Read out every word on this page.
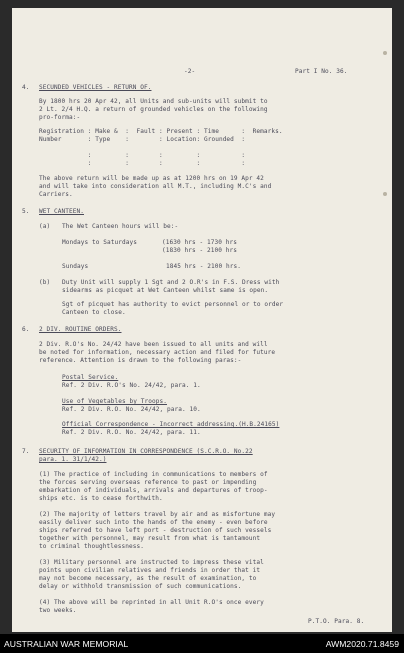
-2-	Part I No. 36.
4. SECUNDED VEHICLES - RETURN OF.
By 1800 hrs 20 Apr 42, all Units and sub-units will submit to
2 Lt. 2/4 H.Q. a return of grounded vehicles on the following
pro-forma:-
Registration : Make &  :  Fault : Present : Time      :  Remarks.
Number       : Type    :        : Location: Grounded  :
:         :        :         :           :
:         :        :         :           :
The above return will be made up as at 1200 hrs on 19 Apr 42
and will take into consideration all M.T., including M.C's and
Carriers.
5. WET CANTEEN.
(a) The Wet Canteen hours will be:-
Mondays to Saturdays	(1630 hrs - 1730 hrs
(1830 hrs - 2100 hrs
Sundays	1845 hrs - 2100 hrs.
(b) Duty Unit will supply 1 Sgt and 2 O.R's in F.S. Dress with
sidearms as picquet at Wet Canteen whilst same is open.
Sgt of picquet has authority to evict personnel or to order
Canteen to close.
6. 2 DIV. ROUTINE ORDERS.
2 Div. R.O's No. 24/42 have been issued to all units and will
be noted for information, necessary action and filed for future
reference. Attention is drawn to the following paras:-
Postal Service.
Ref. 2 Div. R.O's No. 24/42, para. 1.
Use of Vegetables by Troops.
Ref. 2 Div. R.O. No. 24/42, para. 10.
Official Correspondence - Incorrect addressing.(H.B.24165)
Ref. 2 Div. R.O. No. 24/42, para. 11.
7. SECURITY OF INFORMATION IN CORRESPONDENCE (S.C.R.O. No.22
para. 1. 31/1/42.)
(1) The practice of including in communications to members of
the forces serving overseas reference to past or impending
embarkation of individuals, arrivals and departures of troop-
ships etc. is to cease forthwith.
(2) The majority of letters travel by air and as misfortune may
easily deliver such into the hands of the enemy - even before
ships referred to have left port - destruction of such vessels
together with personnel, may result from what is tantamount
to criminal thoughtlessness.
(3) Military personnel are instructed to impress these vital
points upon civilian relatives and friends in order that it
may not become necessary, as the result of examination, to
delay or withhold transmission of such communications.
(4) The above will be reprinted in all Unit R.O's once every
two weeks.
P.T.O. Para. 8.
AUSTRALIAN WAR MEMORIAL	AWM2020.71.8459
